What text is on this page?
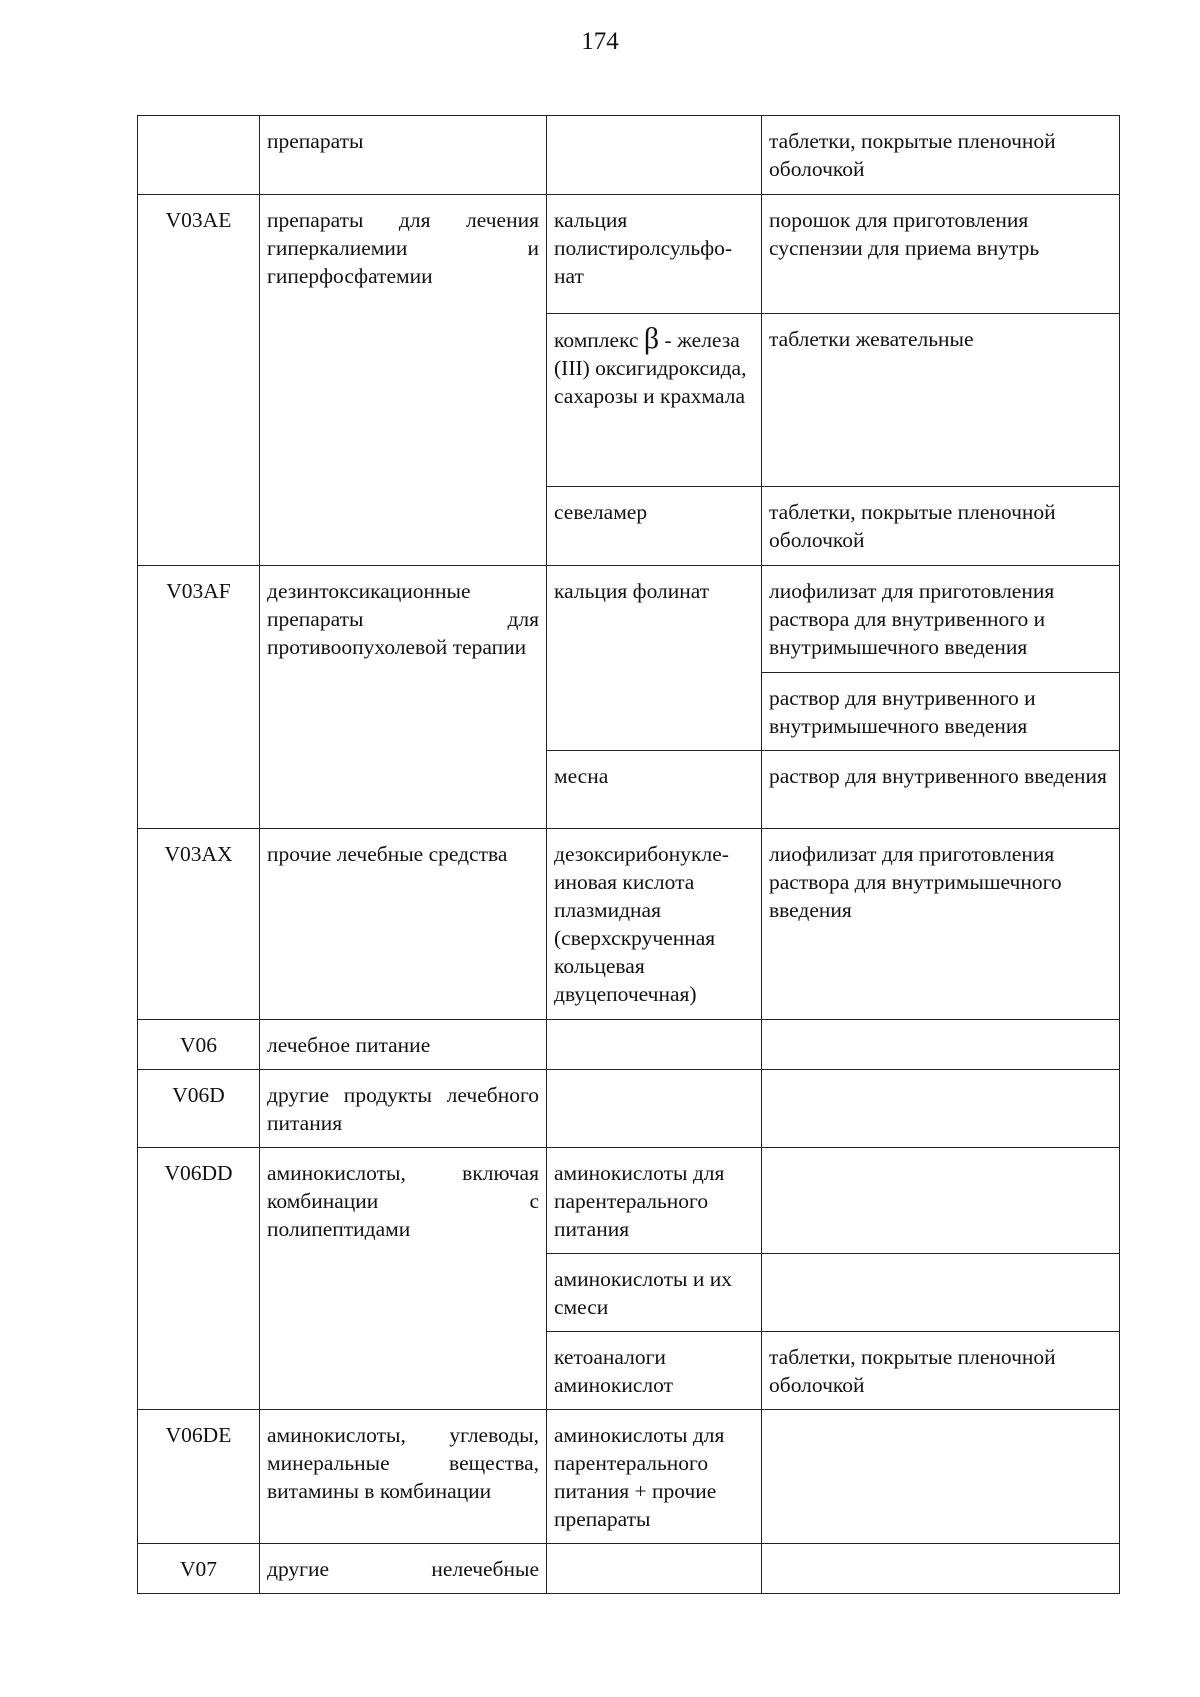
174
	препараты		таблетки, покрытые пленочной оболочкой
V03AE	препараты для лечения гиперкалиемии и гиперфосфатемии	кальция полистиролсульфо-нат	порошок для приготовления суспензии для приема внутрь
		комплекс β - железа (III) оксигидроксида, сахарозы и крахмала	таблетки жевательные
		севеламер	таблетки, покрытые пленочной оболочкой
V03AF	дезинтоксикационные препараты для противоопухолевой терапии	кальция фолинат	лиофилизат для приготовления раствора для внутривенного и внутримышечного введения
			раствор для внутривенного и внутримышечного введения
		месна	раствор для внутривенного введения
V03AX	прочие лечебные средства	дезоксирибонукле-иновая кислота плазмидная (сверхскрученная кольцевая двуцепочечная)	лиофилизат для приготовления раствора для внутримышечного введения
V06	лечебное питание		
V06D	другие продукты лечебного питания		
V06DD	аминокислоты, включая комбинации с полипептидами	аминокислоты для парентерального питания	
		аминокислоты и их смеси	
		кетоаналоги аминокислот	таблетки, покрытые пленочной оболочкой
V06DE	аминокислоты, углеводы, минеральные вещества, витамины в комбинации	аминокислоты для парентерального питания + прочие препараты	
V07	другие нелечебные		
